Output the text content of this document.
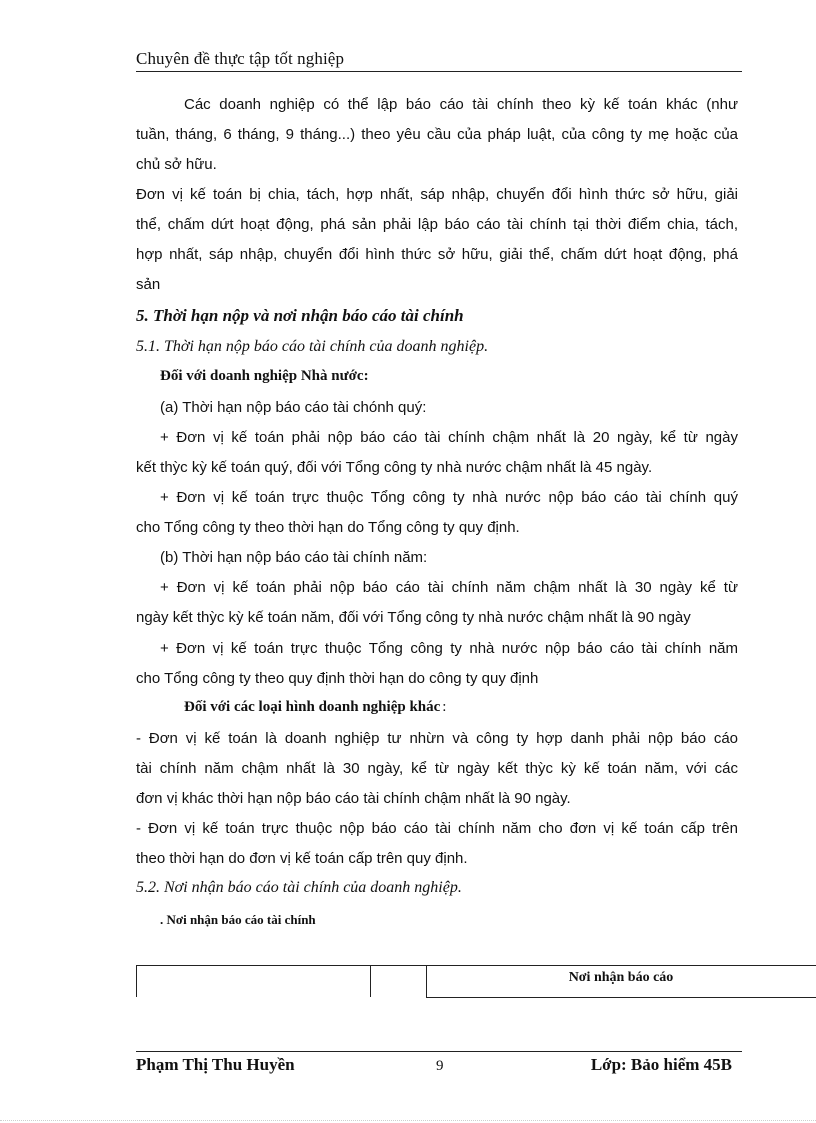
Chuyên đề thực tập tốt nghiệp
Các doanh nghiệp có thể lập báo cáo tài chính theo kỳ kế toán khác (như
tuần, tháng, 6 tháng, 9 tháng...) theo yêu cầu của pháp luật, của công ty mẹ hoặc của
chủ sở hữu.
Đơn vị kế toán bị chia, tách, hợp nhất, sáp nhập, chuyển đổi hình thức sở hữu, giải
thể, chấm dứt hoạt động, phá sản phải lập báo cáo tài chính tại thời điểm chia, tách,
hợp nhất, sáp nhập, chuyển đổi hình thức sở hữu, giải thể, chấm dứt hoạt động, phá
sản
5. Thời hạn nộp và nơi nhận báo cáo tài chính
5.1. Thời hạn nộp báo cáo tài chính của doanh nghiệp.
Đối với doanh nghiệp Nhà nước:
(a) Thời hạn nộp báo cáo tài chónh quý:
+ Đơn vị kế toán phải nộp báo cáo tài chính chậm nhất là 20 ngày, kể từ ngày
kết thỳc kỳ kế toán quý, đối với Tổng công ty nhà nước chậm nhất là 45 ngày.
+ Đơn vị kế toán trực thuộc Tổng công ty nhà nước nộp báo cáo tài chính quý
cho Tổng công ty theo thời hạn do Tổng công ty quy định.
(b) Thời hạn nộp báo cáo tài chính năm:
+ Đơn vị kế toán phải nộp báo cáo tài chính năm chậm nhất là 30 ngày kể từ
ngày kết thỳc kỳ kế toán năm, đối với Tổng công ty nhà nước chậm nhất là 90 ngày
+ Đơn vị kế toán trực thuộc Tổng công ty nhà nước nộp báo cáo tài chính năm
cho Tổng công ty theo quy định thời hạn do công ty quy định
Đối với các loại hình doanh nghiệp khác :
- Đơn vị kế toán là doanh nghiệp tư nhừn và công ty hợp danh phải nộp báo cáo
tài chính năm chậm nhất là 30 ngày, kể từ ngày kết thỳc kỳ kế toán năm, với các
đơn vị khác thời hạn nộp báo cáo tài chính chậm nhất là 90 ngày.
- Đơn vị kế toán trực thuộc nộp báo cáo tài chính năm cho đơn vị kế toán cấp trên
theo thời hạn do đơn vị kế toán cấp trên quy định.
5.2. Nơi nhận báo cáo tài chính của doanh nghiệp.
. Nơi nhận báo cáo tài chính
Nơi nhận báo cáo
Phạm Thị Thu Huyền	9	Lớp: Bảo hiểm 45B
